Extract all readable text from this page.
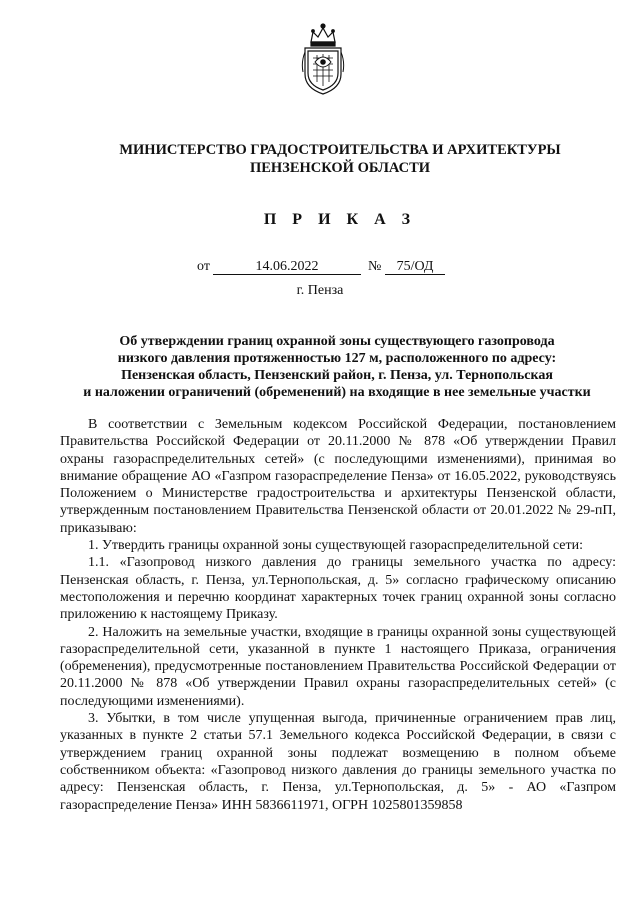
МИНИСТЕРСТВО ГРАДОСТРОИТЕЛЬСТВА И АРХИТЕКТУРЫ
ПЕНЗЕНСКОЙ ОБЛАСТИ
П Р И К А З
от	14.06.2022	№	75/ОД
г. Пенза
Об утверждении границ охранной зоны существующего газопровода
низкого давления протяженностью 127 м, расположенного по адресу:
Пензенская область, Пензенский район, г. Пенза, ул. Тернопольская
и наложении ограничений (обременений) на входящие в нее земельные участки

В соответствии с Земельным кодексом Российской Федерации, постановлением Правительства Российской Федерации от 20.11.2000 № 878 «Об утверждении Правил охраны газораспределительных сетей» (с последующими изменениями), принимая во внимание обращение АО «Газпром газораспределение Пенза» от 16.05.2022, руководствуясь Положением о Министерстве градостроительства и архитектуры Пензенской области, утвержденным постановлением Правительства Пензенской области от 20.01.2022 № 29-пП, приказываю:

1. Утвердить границы охранной зоны существующей газораспределительной сети:

1.1. «Газопровод низкого давления до границы земельного участка по адресу: Пензенская область, г. Пенза, ул.Тернопольская, д. 5» согласно графическому описанию местоположения и перечню координат характерных точек границ охранной зоны согласно приложению к настоящему Приказу.

2. Наложить на земельные участки, входящие в границы охранной зоны существующей газораспределительной сети, указанной в пункте 1 настоящего Приказа, ограничения (обременения), предусмотренные постановлением Правительства Российской Федерации от 20.11.2000 № 878 «Об утверждении Правил охраны газораспределительных сетей» (с последующими изменениями).

3. Убытки, в том числе упущенная выгода, причиненные ограничением прав лиц, указанных в пункте 2 статьи 57.1 Земельного кодекса Российской Федерации, в связи с утверждением границ охранной зоны подлежат возмещению в полном объеме собственником объекта: «Газопровод низкого давления до границы земельного участка по адресу: Пензенская область, г. Пенза, ул.Тернопольская, д. 5» - АО «Газпром газораспределение Пенза» ИНН 5836611971, ОГРН 1025801359858
